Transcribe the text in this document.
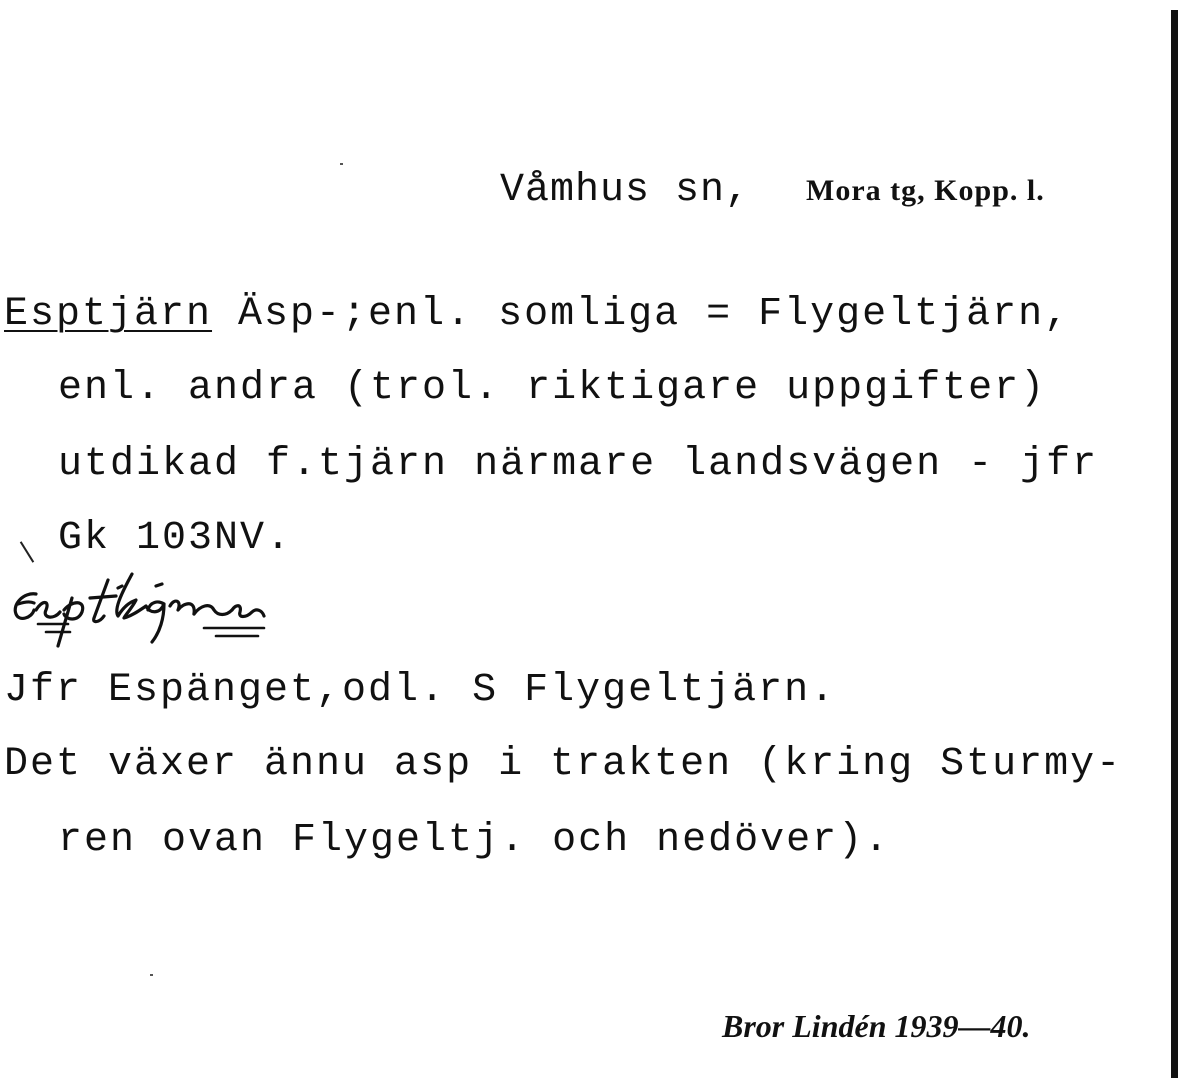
Våmhus sn, Mora tg, Kopp. l.
Esptjärn Äsp-;enl. somliga = Flygeltjärn,
enl. andra (trol. riktigare uppgifter)
utdikad f.tjärn närmare landsvägen - jfr
Gk 103NV.
Jfr Espänget,odl. S Flygeltjärn.
Det växer ännu asp i trakten (kring Sturmy-
ren ovan Flygeltj. och nedöver).
Bror Lindén 1939—40.
